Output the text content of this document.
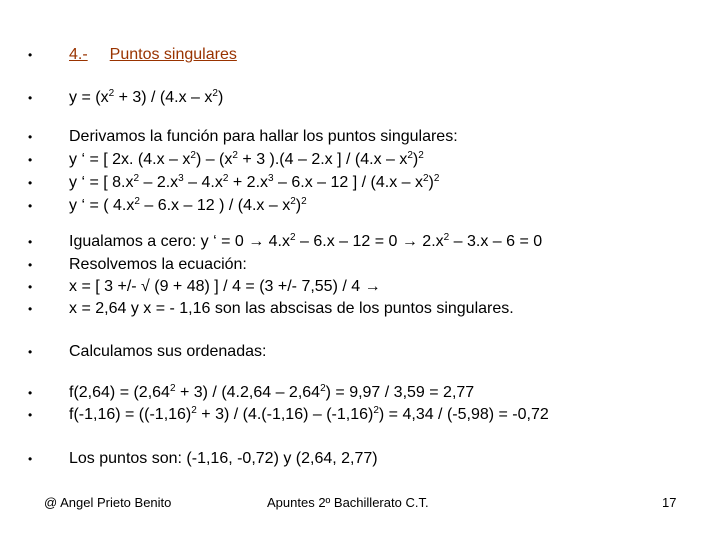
• 4.- Puntos singulares
• $y = (x^2 + 3) / (4.x - x^2)$
• Derivamos la función para hallar los puntos singulares:
• y ‘ = [ 2x. $(4.x - x^2) - (x^2 + 3$ ).(4 – 2.x ] / $(4.x - x^2)^2$
• y ‘ = [ $8.x^2 - 2.x^3 - 4.x^2 + 2.x^3 - 6.x - 12$ ] / $(4.x - x^2)^2$
• y ‘ = ( $4.x^2 - 6.x - 12$ ) / $(4.x - x^2)^2$
• Igualamos a cero: y ‘ = $0 \to 4.x^2 - 6.x - 12 = 0 \to 2.x^2 - 3.x - 6 = 0$
• Resolvemos la ecuación:
• x = [ 3 +/- √ (9 + 48) ] / 4 = (3 +/- 7,55) / 4 →
• x = 2,64 y x = - 1,16 son las abscisas de los puntos singulares.
• Calculamos sus ordenadas:
• $f(2,64) = (2,64^2 + 3) / (4.2,64 - 2,64^2) = 9,97 / 3,59 = 2,77$
• $f(-1,16) = ((-1,16)^2 + 3) / (4.(-1,16) - (-1,16)^2) = 4,34 / (-5,98) = -0,72$
• Los puntos son: (-1,16, -0,72) y (2,64, 2,77)
@ Angel Prieto Benito	Apuntes 2º Bachillerato C.T.	17
